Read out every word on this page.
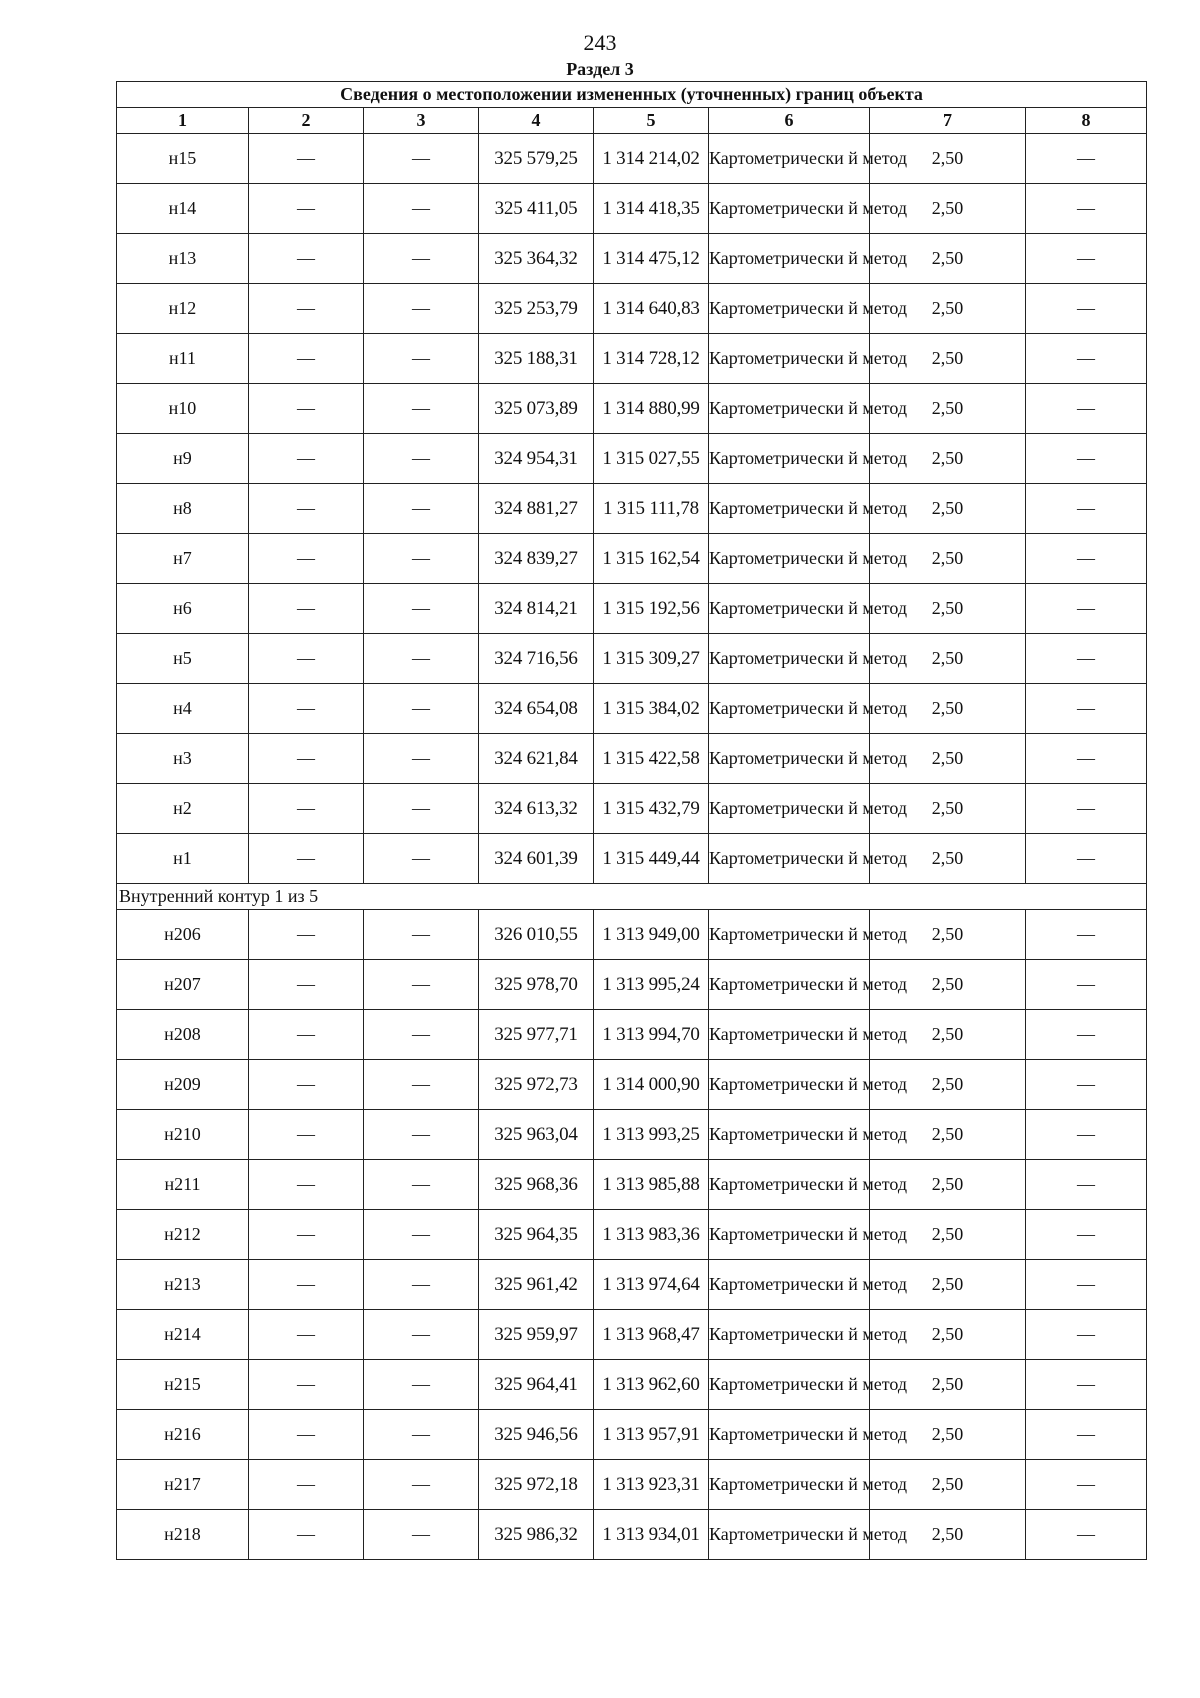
243
Раздел 3
Сведения о местоположении измененных (уточненных) границ объекта							
1	2	3	4	5	6	7	8
н15	—	—	325 579,25	1 314 214,02	Картометрически й метод	2,50	—
н14	—	—	325 411,05	1 314 418,35	Картометрически й метод	2,50	—
н13	—	—	325 364,32	1 314 475,12	Картометрически й метод	2,50	—
н12	—	—	325 253,79	1 314 640,83	Картометрически й метод	2,50	—
н11	—	—	325 188,31	1 314 728,12	Картометрически й метод	2,50	—
н10	—	—	325 073,89	1 314 880,99	Картометрически й метод	2,50	—
н9	—	—	324 954,31	1 315 027,55	Картометрически й метод	2,50	—
н8	—	—	324 881,27	1 315 111,78	Картометрически й метод	2,50	—
н7	—	—	324 839,27	1 315 162,54	Картометрически й метод	2,50	—
н6	—	—	324 814,21	1 315 192,56	Картометрически й метод	2,50	—
н5	—	—	324 716,56	1 315 309,27	Картометрически й метод	2,50	—
н4	—	—	324 654,08	1 315 384,02	Картометрически й метод	2,50	—
н3	—	—	324 621,84	1 315 422,58	Картометрически й метод	2,50	—
н2	—	—	324 613,32	1 315 432,79	Картометрически й метод	2,50	—
н1	—	—	324 601,39	1 315 449,44	Картометрически й метод	2,50	—
Внутренний контур 1 из 5							
н206	—	—	326 010,55	1 313 949,00	Картометрически й метод	2,50	—
н207	—	—	325 978,70	1 313 995,24	Картометрически й метод	2,50	—
н208	—	—	325 977,71	1 313 994,70	Картометрически й метод	2,50	—
н209	—	—	325 972,73	1 314 000,90	Картометрически й метод	2,50	—
н210	—	—	325 963,04	1 313 993,25	Картометрически й метод	2,50	—
н211	—	—	325 968,36	1 313 985,88	Картометрически й метод	2,50	—
н212	—	—	325 964,35	1 313 983,36	Картометрически й метод	2,50	—
н213	—	—	325 961,42	1 313 974,64	Картометрически й метод	2,50	—
н214	—	—	325 959,97	1 313 968,47	Картометрически й метод	2,50	—
н215	—	—	325 964,41	1 313 962,60	Картометрически й метод	2,50	—
н216	—	—	325 946,56	1 313 957,91	Картометрически й метод	2,50	—
н217	—	—	325 972,18	1 313 923,31	Картометрически й метод	2,50	—
н218	—	—	325 986,32	1 313 934,01	Картометрически й метод	2,50	—
